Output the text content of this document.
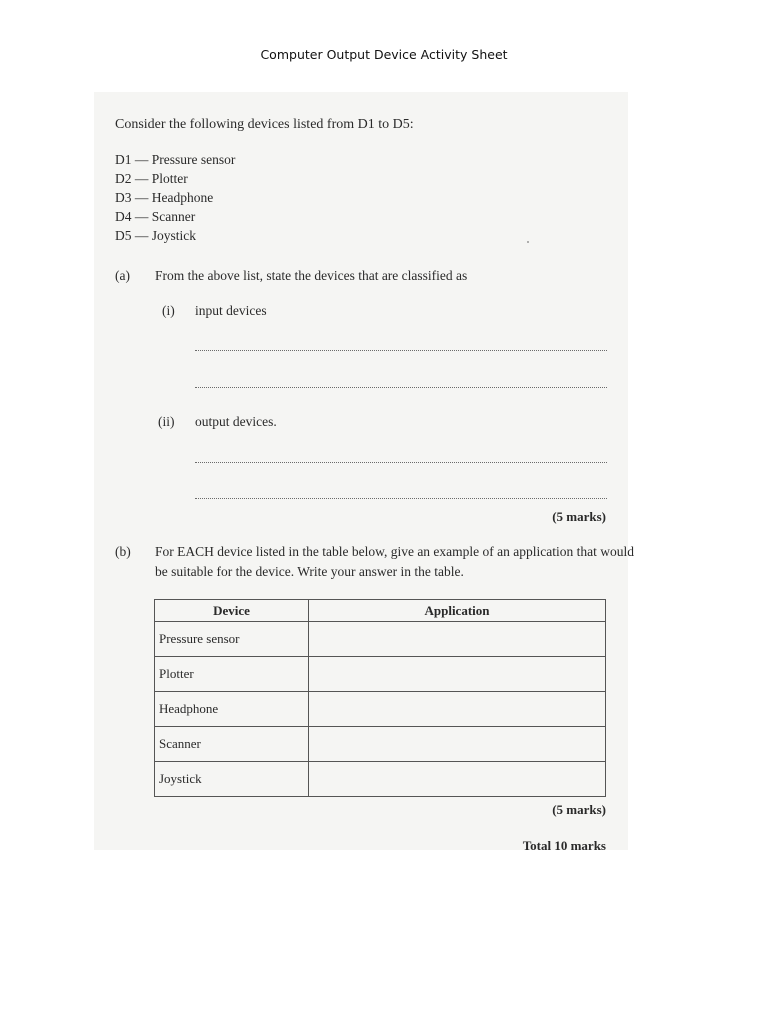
Computer Output Device Activity Sheet
Consider the following devices listed from D1 to D5:
D1 — Pressure sensor
D2 — Plotter
D3 — Headphone
D4 — Scanner
D5 — Joystick
(a) From the above list, state the devices that are classified as
(i) input devices
(ii) output devices.
(5 marks)
(b) For EACH device listed in the table below, give an example of an application that would
be suitable for the device. Write your answer in the table.
Device	Application
Pressure sensor	
Plotter	
Headphone	
Scanner	
Joystick	
(5 marks)
Total 10 marks
